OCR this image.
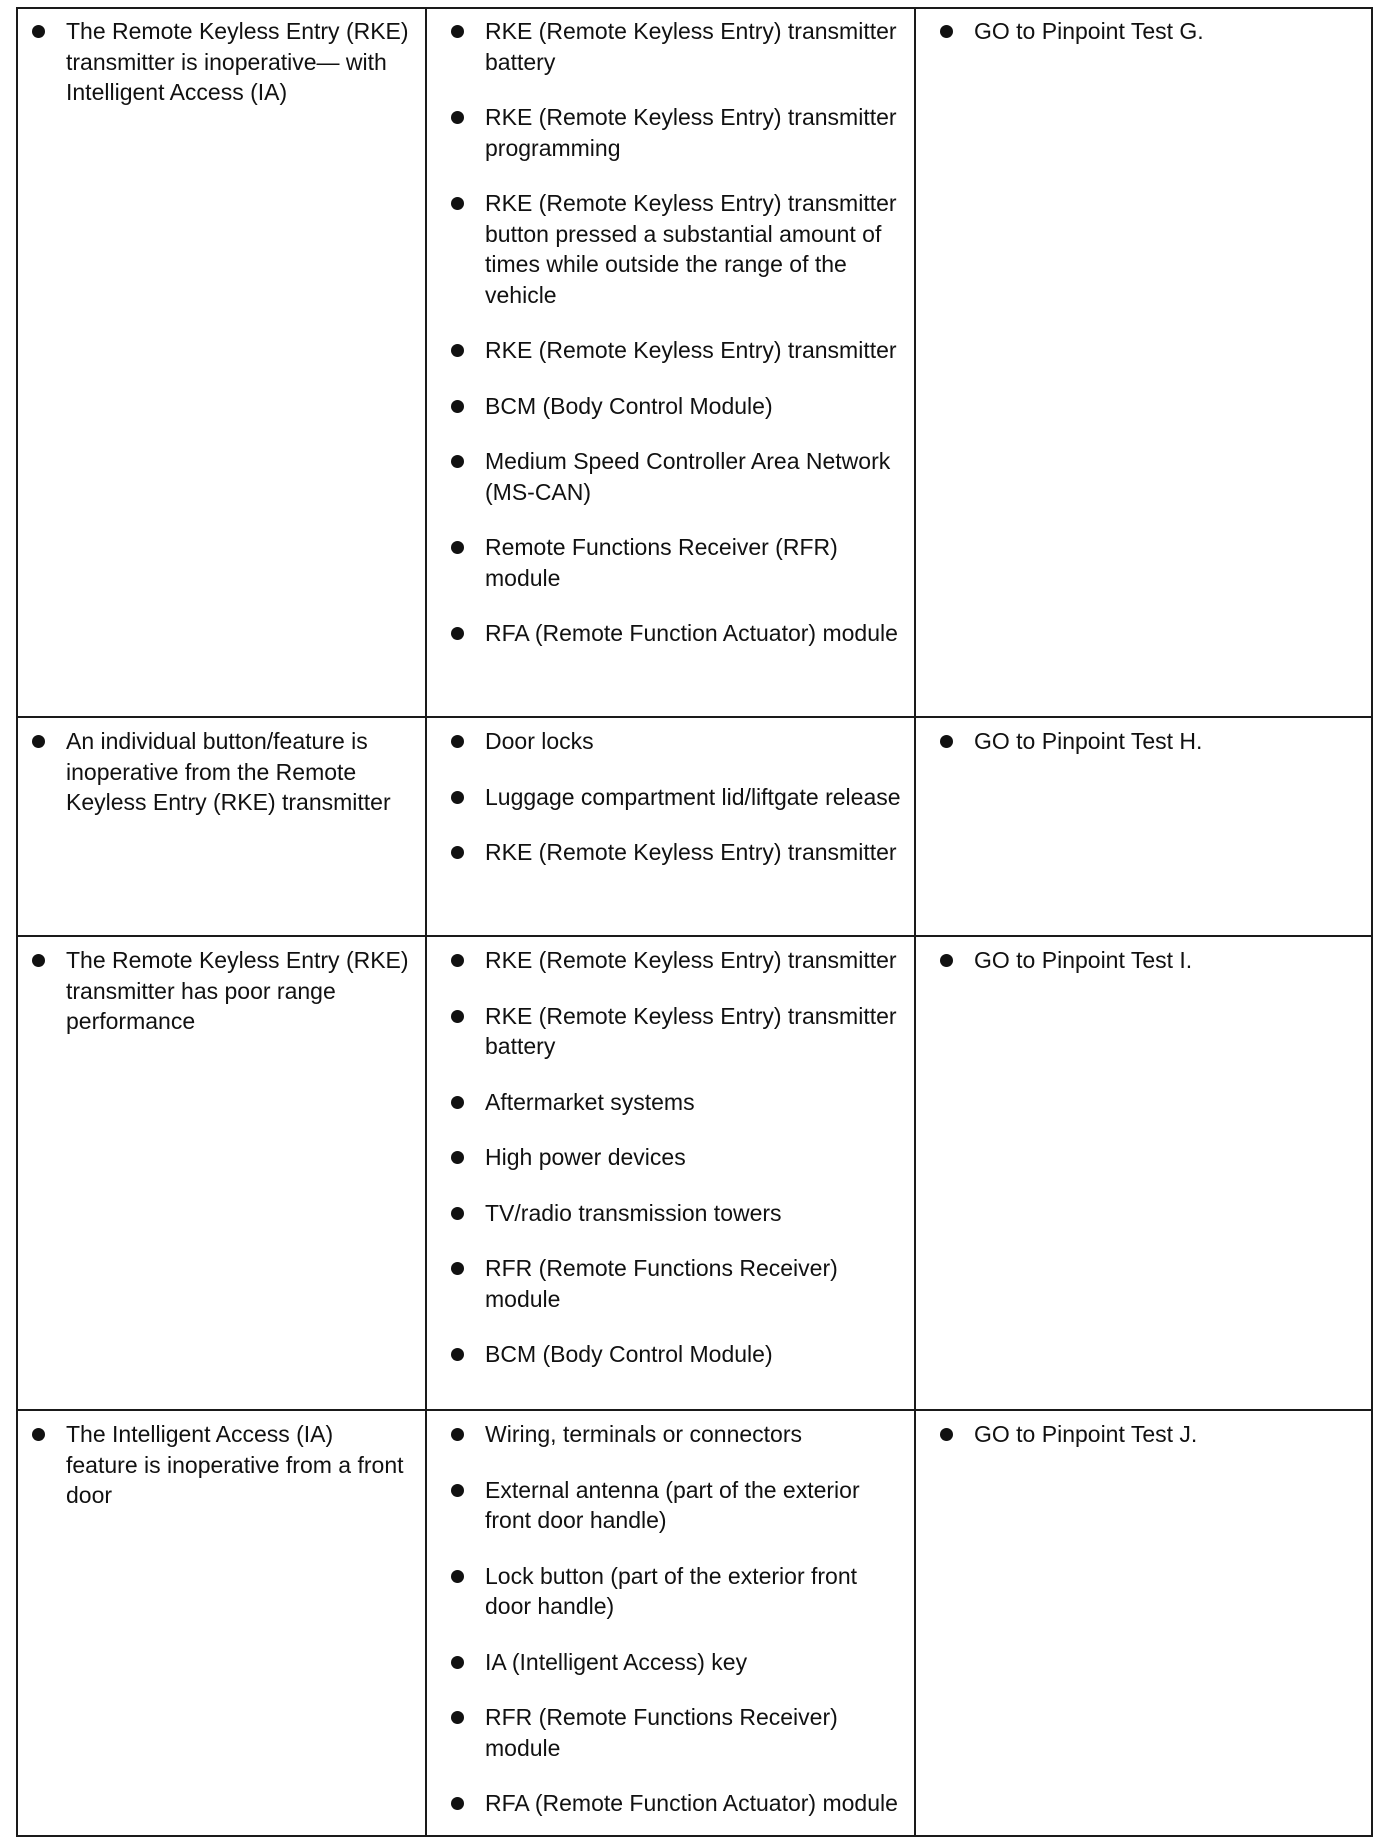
The Remote Keyless Entry (RKE) transmitter is inoperative— with Intelligent Access (IA)
RKE (Remote Keyless Entry) transmitter battery
RKE (Remote Keyless Entry) transmitter programming
RKE (Remote Keyless Entry) transmitter button pressed a substantial amount of times while outside the range of the vehicle
RKE (Remote Keyless Entry) transmitter
BCM (Body Control Module)
Medium Speed Controller Area Network (MS-CAN)
Remote Functions Receiver (RFR) module
RFA (Remote Function Actuator) module
GO to Pinpoint Test G.
An individual button/feature is inoperative from the Remote Keyless Entry (RKE) transmitter
Door locks
Luggage compartment lid/liftgate release
RKE (Remote Keyless Entry) transmitter
GO to Pinpoint Test H.
The Remote Keyless Entry (RKE) transmitter has poor range performance
RKE (Remote Keyless Entry) transmitter
RKE (Remote Keyless Entry) transmitter battery
Aftermarket systems
High power devices
TV/radio transmission towers
RFR (Remote Functions Receiver) module
BCM (Body Control Module)
GO to Pinpoint Test I.
The Intelligent Access (IA) feature is inoperative from a front door
Wiring, terminals or connectors
External antenna (part of the exterior front door handle)
Lock button (part of the exterior front door handle)
IA (Intelligent Access) key
RFR (Remote Functions Receiver) module
RFA (Remote Function Actuator) module
GO to Pinpoint Test J.
